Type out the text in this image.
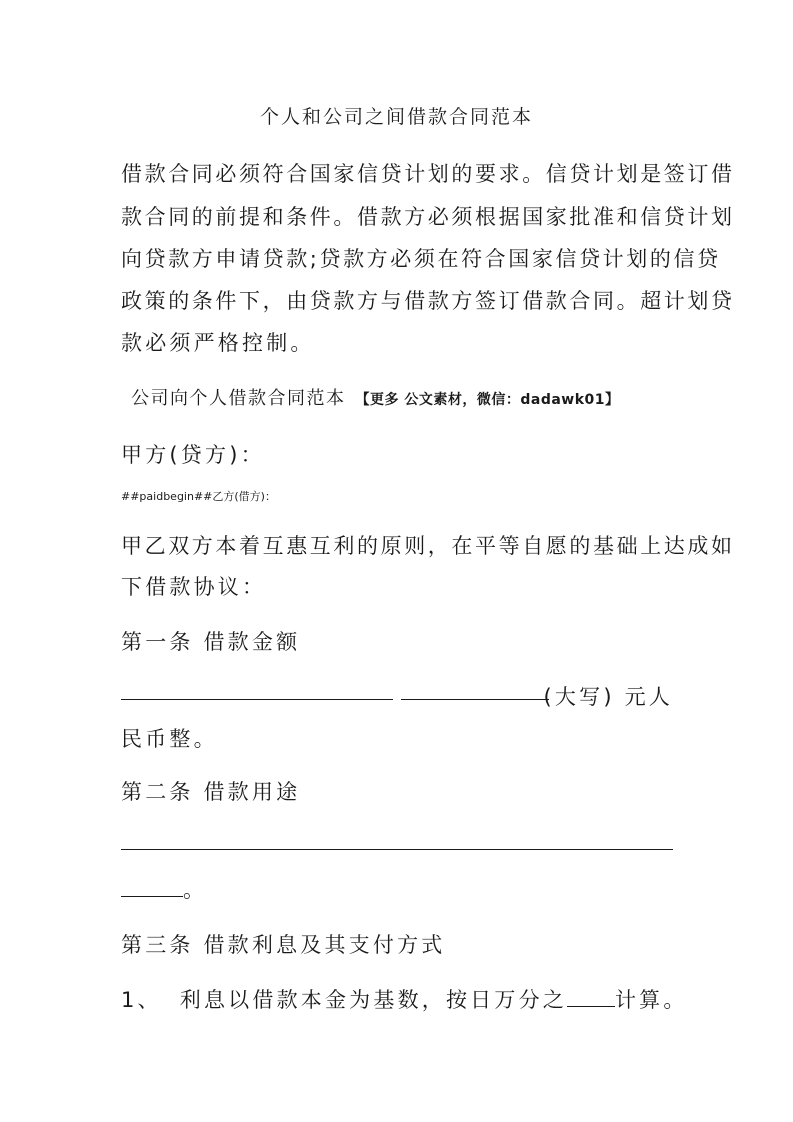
个人和公司之间借款合同范本

借款合同必须符合国家信贷计划的要求。信贷计划是签订借

款合同的前提和条件。借款方必须根据国家批准和信贷计划

向贷款方申请贷款;贷款方必须在符合国家信贷计划的信贷

政策的条件下，由贷款方与借款方签订借款合同。超计划贷

款必须严格控制。

公司向个人借款合同范本 【更多 公文素材，微信：dadawk01】

甲方(贷方)：

##paidbegin##乙方(借方)：

甲乙双方本着互惠互利的原则，在平等自愿的基础上达成如

下借款协议：

第一条 借款金额

(大写) 元人

民币整。

第二条 借款用途

。

第三条 借款利息及其支付方式

1、 利息以借款本金为基数，按日万分之 计算。
